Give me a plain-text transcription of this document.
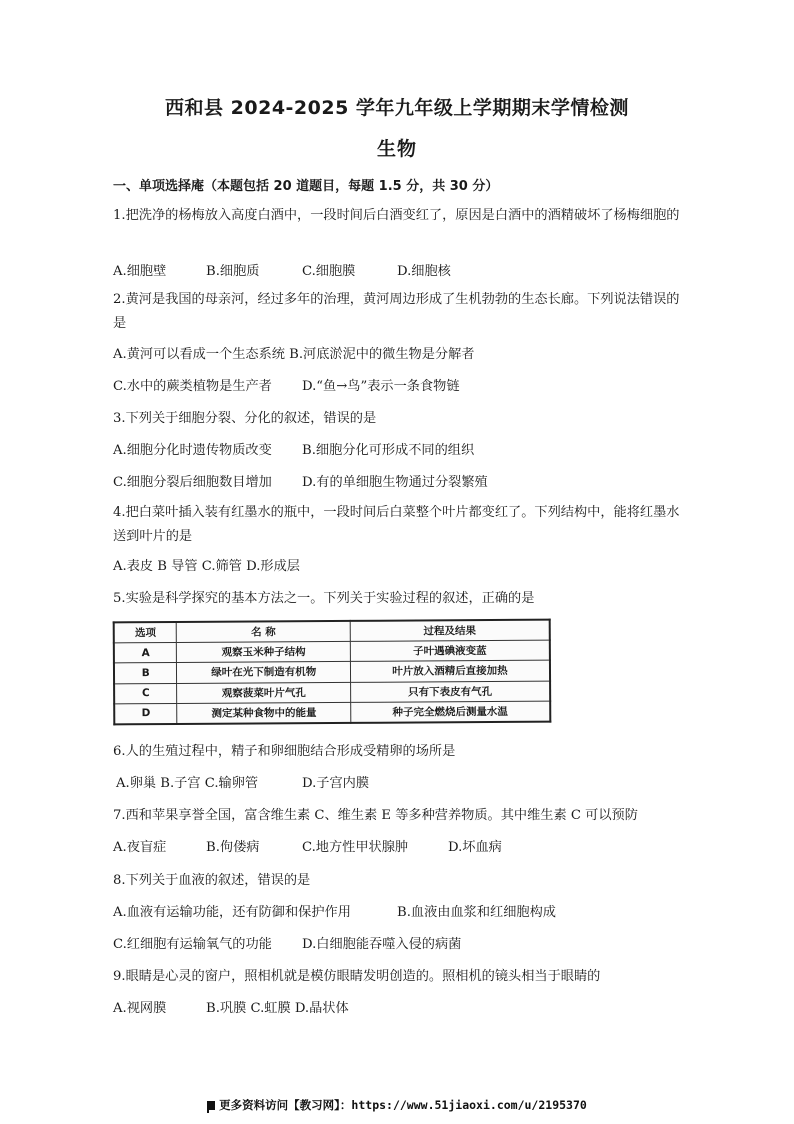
西和县 2024-2025 学年九年级上学期期末学情检测
生物
一、单项选择庵（本题包括 20 道题目，每题 1.5 分，共 30 分）
1.把洗净的杨梅放入高度白酒中，一段时间后白酒变红了，原因是白酒中的酒精破坏了杨梅细胞的
A.细胞壁	B.细胞质	C.细胞膜	D.细胞核
2.黄河是我国的母亲河，经过多年的治理，黄河周边形成了生机勃勃的生态长廊。下列说法错误的是
A.黄河可以看成一个生态系统 B.河底淤泥中的微生物是分解者
C.水中的蕨类植物是生产者 D.“鱼→鸟”表示一条食物链
3.下列关于细胞分裂、分化的叙述，错误的是
A.细胞分化时遗传物质改变 B.细胞分化可形成不同的组织
C.细胞分裂后细胞数目增加 D.有的单细胞生物通过分裂繁殖
4.把白菜叶插入装有红墨水的瓶中，一段时间后白菜整个叶片都变红了。下列结构中，能将红墨水送到叶片的是
A.表皮 B 导管 C.筛管 D.形成层
5.实验是科学探究的基本方法之一。下列关于实验过程的叙述，正确的是
选项	名 称	过程及结果
A	观察玉米种子结构	子叶遇碘液变蓝
B	绿叶在光下制造有机物	叶片放入酒精后直接加热
C	观察菠菜叶片气孔	只有下表皮有气孔
D	测定某种食物中的能量	种子完全燃烧后测量水温
6.人的生殖过程中，精子和卵细胞结合形成受精卵的场所是
A.卵巢 B.子宫 C.输卵管	D.子宫内膜
7.西和苹果享誉全国，富含维生素 C、维生素 E 等多种营养物质。其中维生素 C 可以预防
A.夜盲症	B.佝偻病	C.地方性甲状腺肿	D.坏血病
8.下列关于血液的叙述，错误的是
A.血液有运输功能，还有防御和保护作用	B.血液由血浆和红细胞构成
C.红细胞有运输氧气的功能 D.白细胞能吞噬入侵的病菌
9.眼睛是心灵的窗户，照相机就是模仿眼睛发明创造的。照相机的镜头相当于眼睛的
A.视网膜	B.巩膜 C.虹膜 D.晶状体
更多资料访问【教习网】：https://www.51jiaoxi.com/u/2195370
